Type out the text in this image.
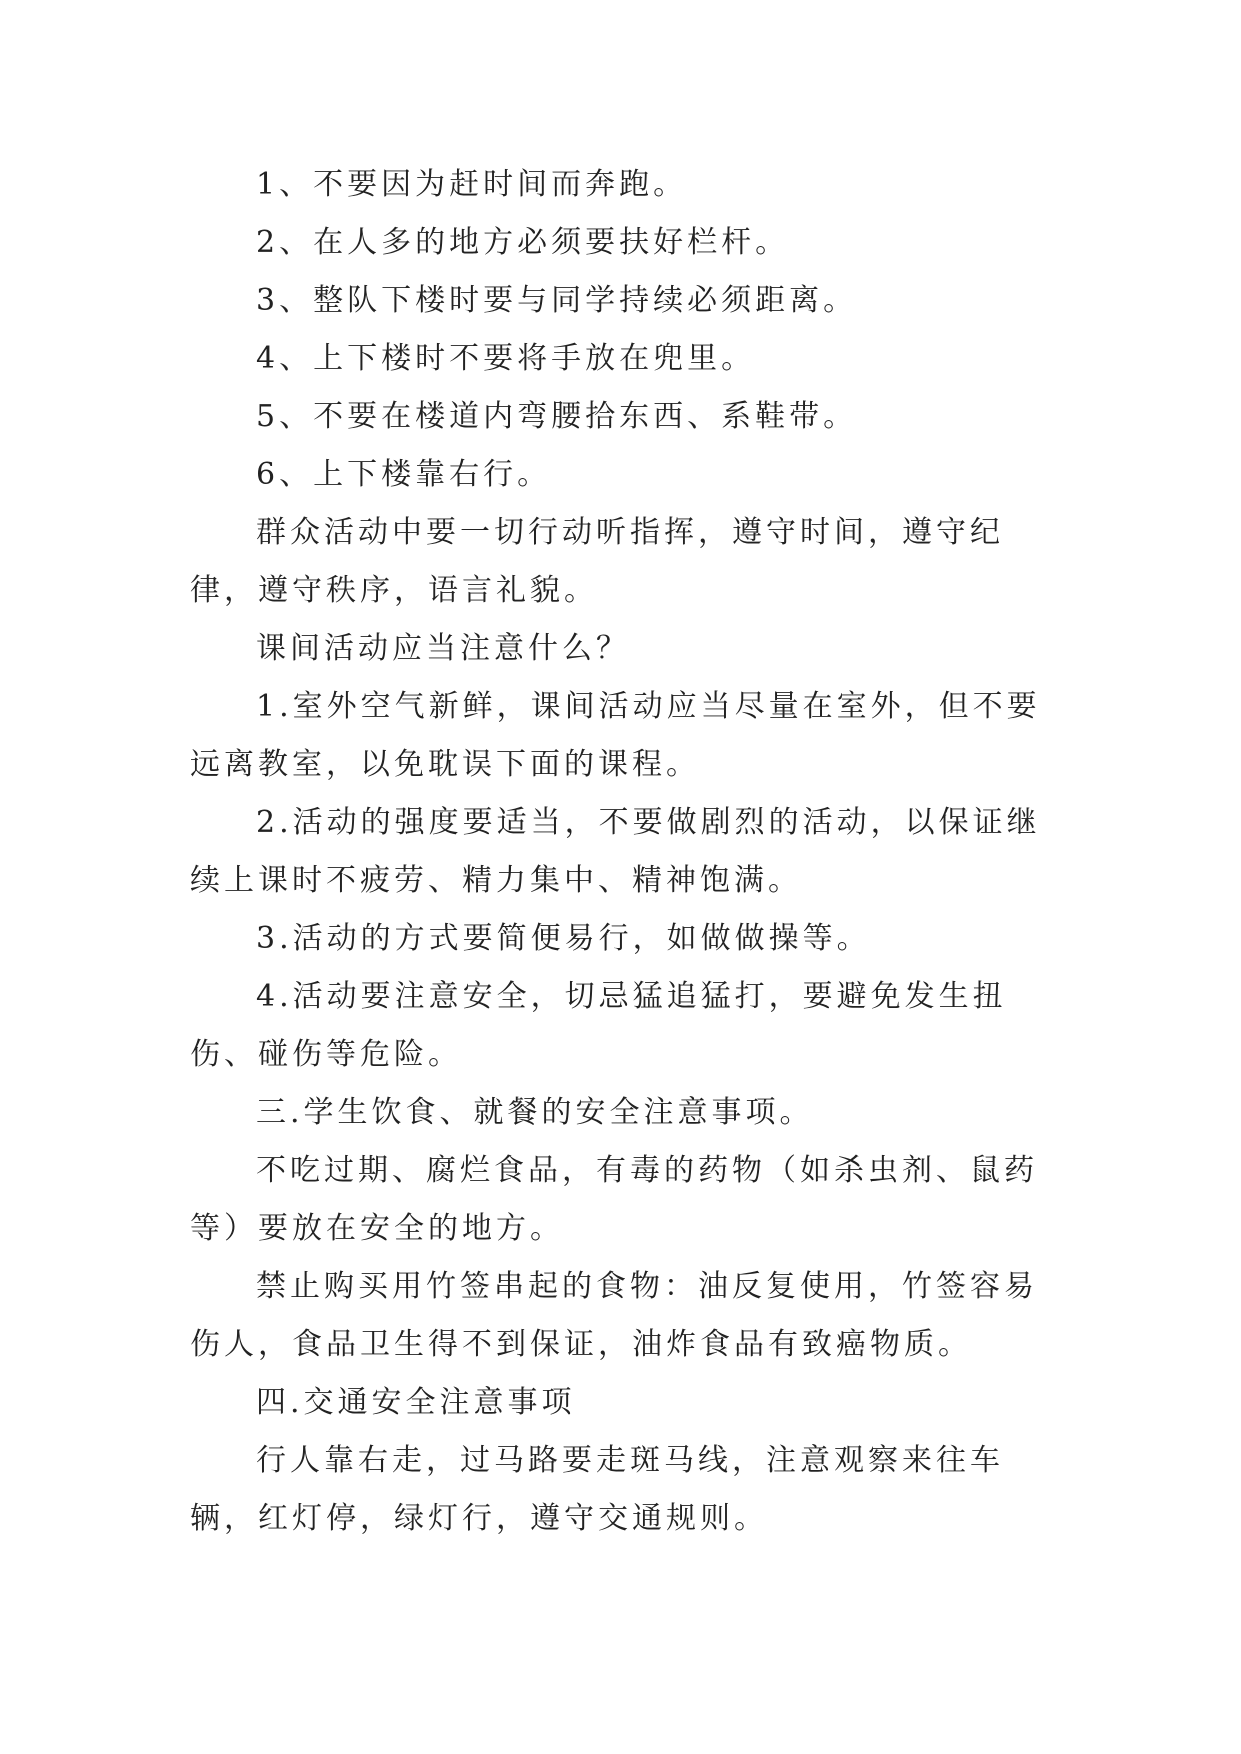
1、不要因为赶时间而奔跑。

2、在人多的地方必须要扶好栏杆。

3、整队下楼时要与同学持续必须距离。

4、上下楼时不要将手放在兜里。

5、不要在楼道内弯腰拾东西、系鞋带。

6、上下楼靠右行。

群众活动中要一切行动听指挥，遵守时间，遵守纪律，遵守秩序，语言礼貌。

课间活动应当注意什么？

1.室外空气新鲜，课间活动应当尽量在室外，但不要远离教室，以免耽误下面的课程。

2.活动的强度要适当，不要做剧烈的活动，以保证继续上课时不疲劳、精力集中、精神饱满。

3.活动的方式要简便易行，如做做操等。

4.活动要注意安全，切忌猛追猛打，要避免发生扭伤、碰伤等危险。

三.学生饮食、就餐的安全注意事项。

不吃过期、腐烂食品，有毒的药物（如杀虫剂、鼠药等）要放在安全的地方。

禁止购买用竹签串起的食物：油反复使用，竹签容易伤人，食品卫生得不到保证，油炸食品有致癌物质。

四.交通安全注意事项

行人靠右走，过马路要走斑马线，注意观察来往车辆，红灯停，绿灯行，遵守交通规则。
